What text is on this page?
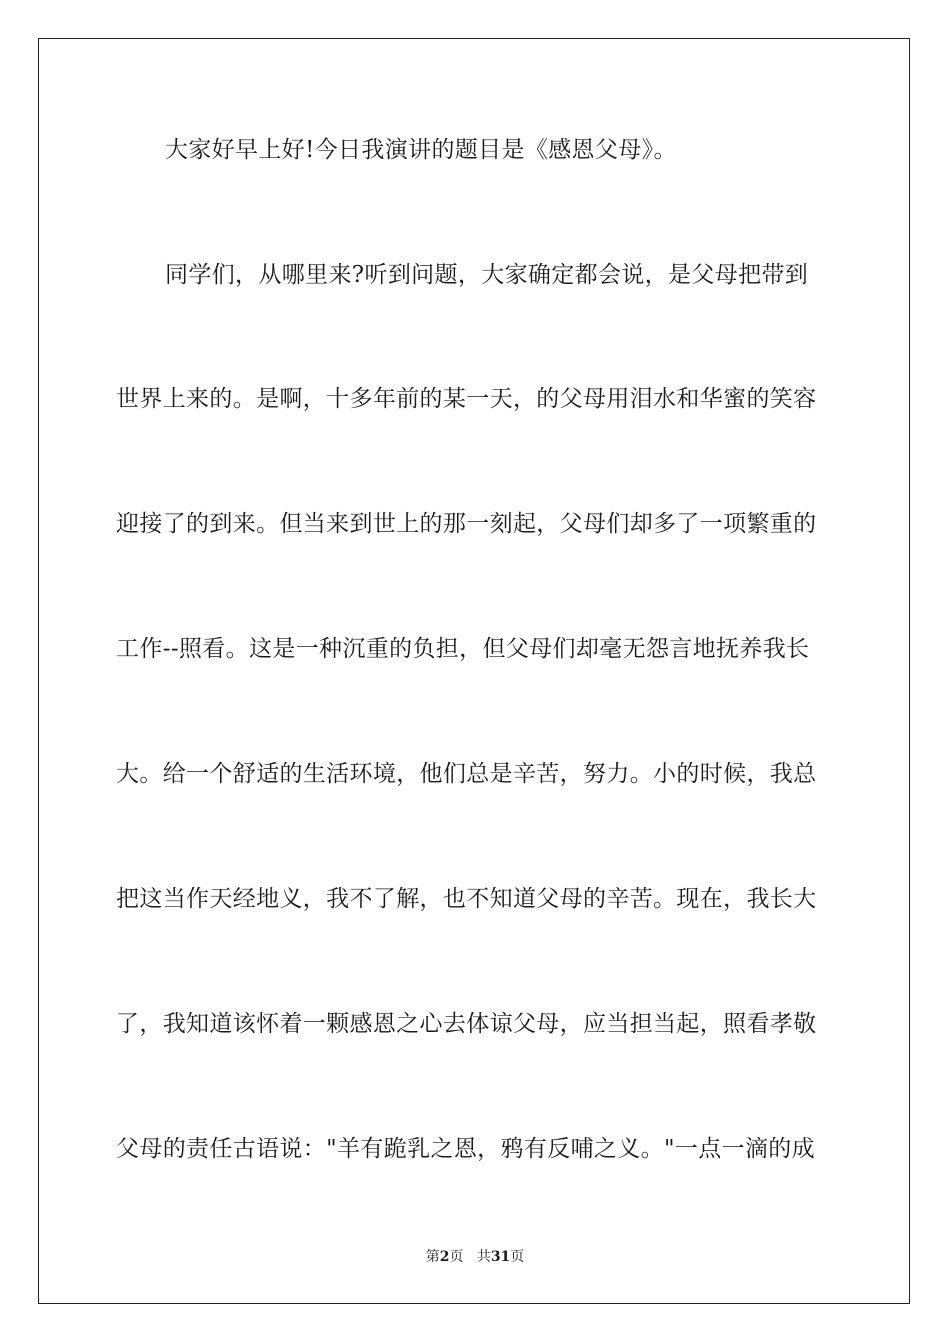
大家好早上好!今日我演讲的题目是《感恩父母》。
同学们，从哪里来?听到问题，大家确定都会说，是父母把带到
世界上来的。是啊，十多年前的某一天，的父母用泪水和华蜜的笑容
迎接了的到来。但当来到世上的那一刻起，父母们却多了一项繁重的
工作--照看。这是一种沉重的负担，但父母们却毫无怨言地抚养我长
大。给一个舒适的生活环境，他们总是辛苦，努力。小的时候，我总
把这当作天经地义，我不了解，也不知道父母的辛苦。现在，我长大
了，我知道该怀着一颗感恩之心去体谅父母，应当担当起，照看孝敬
父母的责任古语说："羊有跪乳之恩，鸦有反哺之义。"一点一滴的成
第2页 共31页
